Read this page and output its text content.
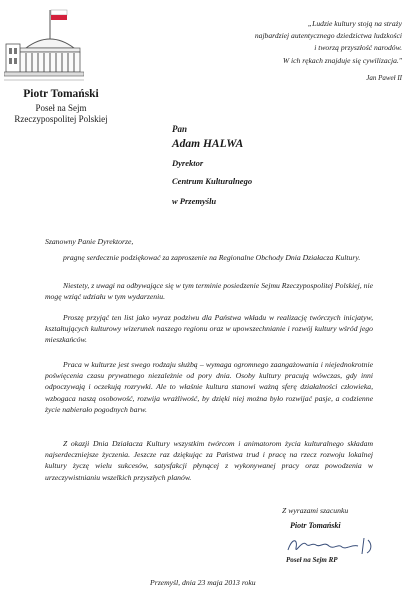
Piotr Tomański
Poseł na Sejm
Rzeczypospolitej Polskiej
„Ludzie kultury stoją na straży
najbardziej autentycznego dziedzictwa ludzkości
i tworzą przyszłość narodów.
W ich rękach znajduje się cywilizacja."
Jan Paweł II
Pan
Adam HALWA
Dyrektor
Centrum Kulturalnego
w Przemyślu
Szanowny Panie Dyrektorze,
pragnę serdecznie podziękować za zaproszenie na Regionalne Obchody Dnia Działacza Kultury.
Niestety, z uwagi na odbywające się w tym terminie posiedzenie Sejmu Rzeczypospolitej Polskiej, nie mogę wziąć udziału w tym wydarzeniu.
Proszę przyjąć ten list jako wyraz podziwu dla Państwa wkładu w realizację twórczych inicjatyw, kształtujących kulturowy wizerunek naszego regionu oraz w upowszechnianie i rozwój kultury wśród jego mieszkańców.
Praca w kulturze jest swego rodzaju służbą – wymaga ogromnego zaangażowania i niejednokrotnie poświęcenia czasu prywatnego niezależnie od pory dnia. Osoby kultury pracują wówczas, gdy inni odpoczywają i oczekują rozrywki. Ale to właśnie kultura stanowi ważną sferę działalności człowieka, wzbogaca naszą osobowość, rozwija wrażliwość, by dzięki niej można było rozwijać pasje, a codzienne życie nabierało pogodnych barw.
Z okazji Dnia Działacza Kultury wszystkim twórcom i animatorom życia kulturalnego składam najserdeczniejsze życzenia. Jeszcze raz dziękując za Państwa trud i pracę na rzecz rozwoju lokalnej kultury życzę wielu sukcesów, satysfakcji płynącej z wykonywanej pracy oraz powodzenia w urzeczywistnianiu wszelkich przyszłych planów.
Z wyrazami szacunku
Piotr Tomański
Poseł na Sejm RP
Przemyśl, dnia 23 maja 2013 roku
